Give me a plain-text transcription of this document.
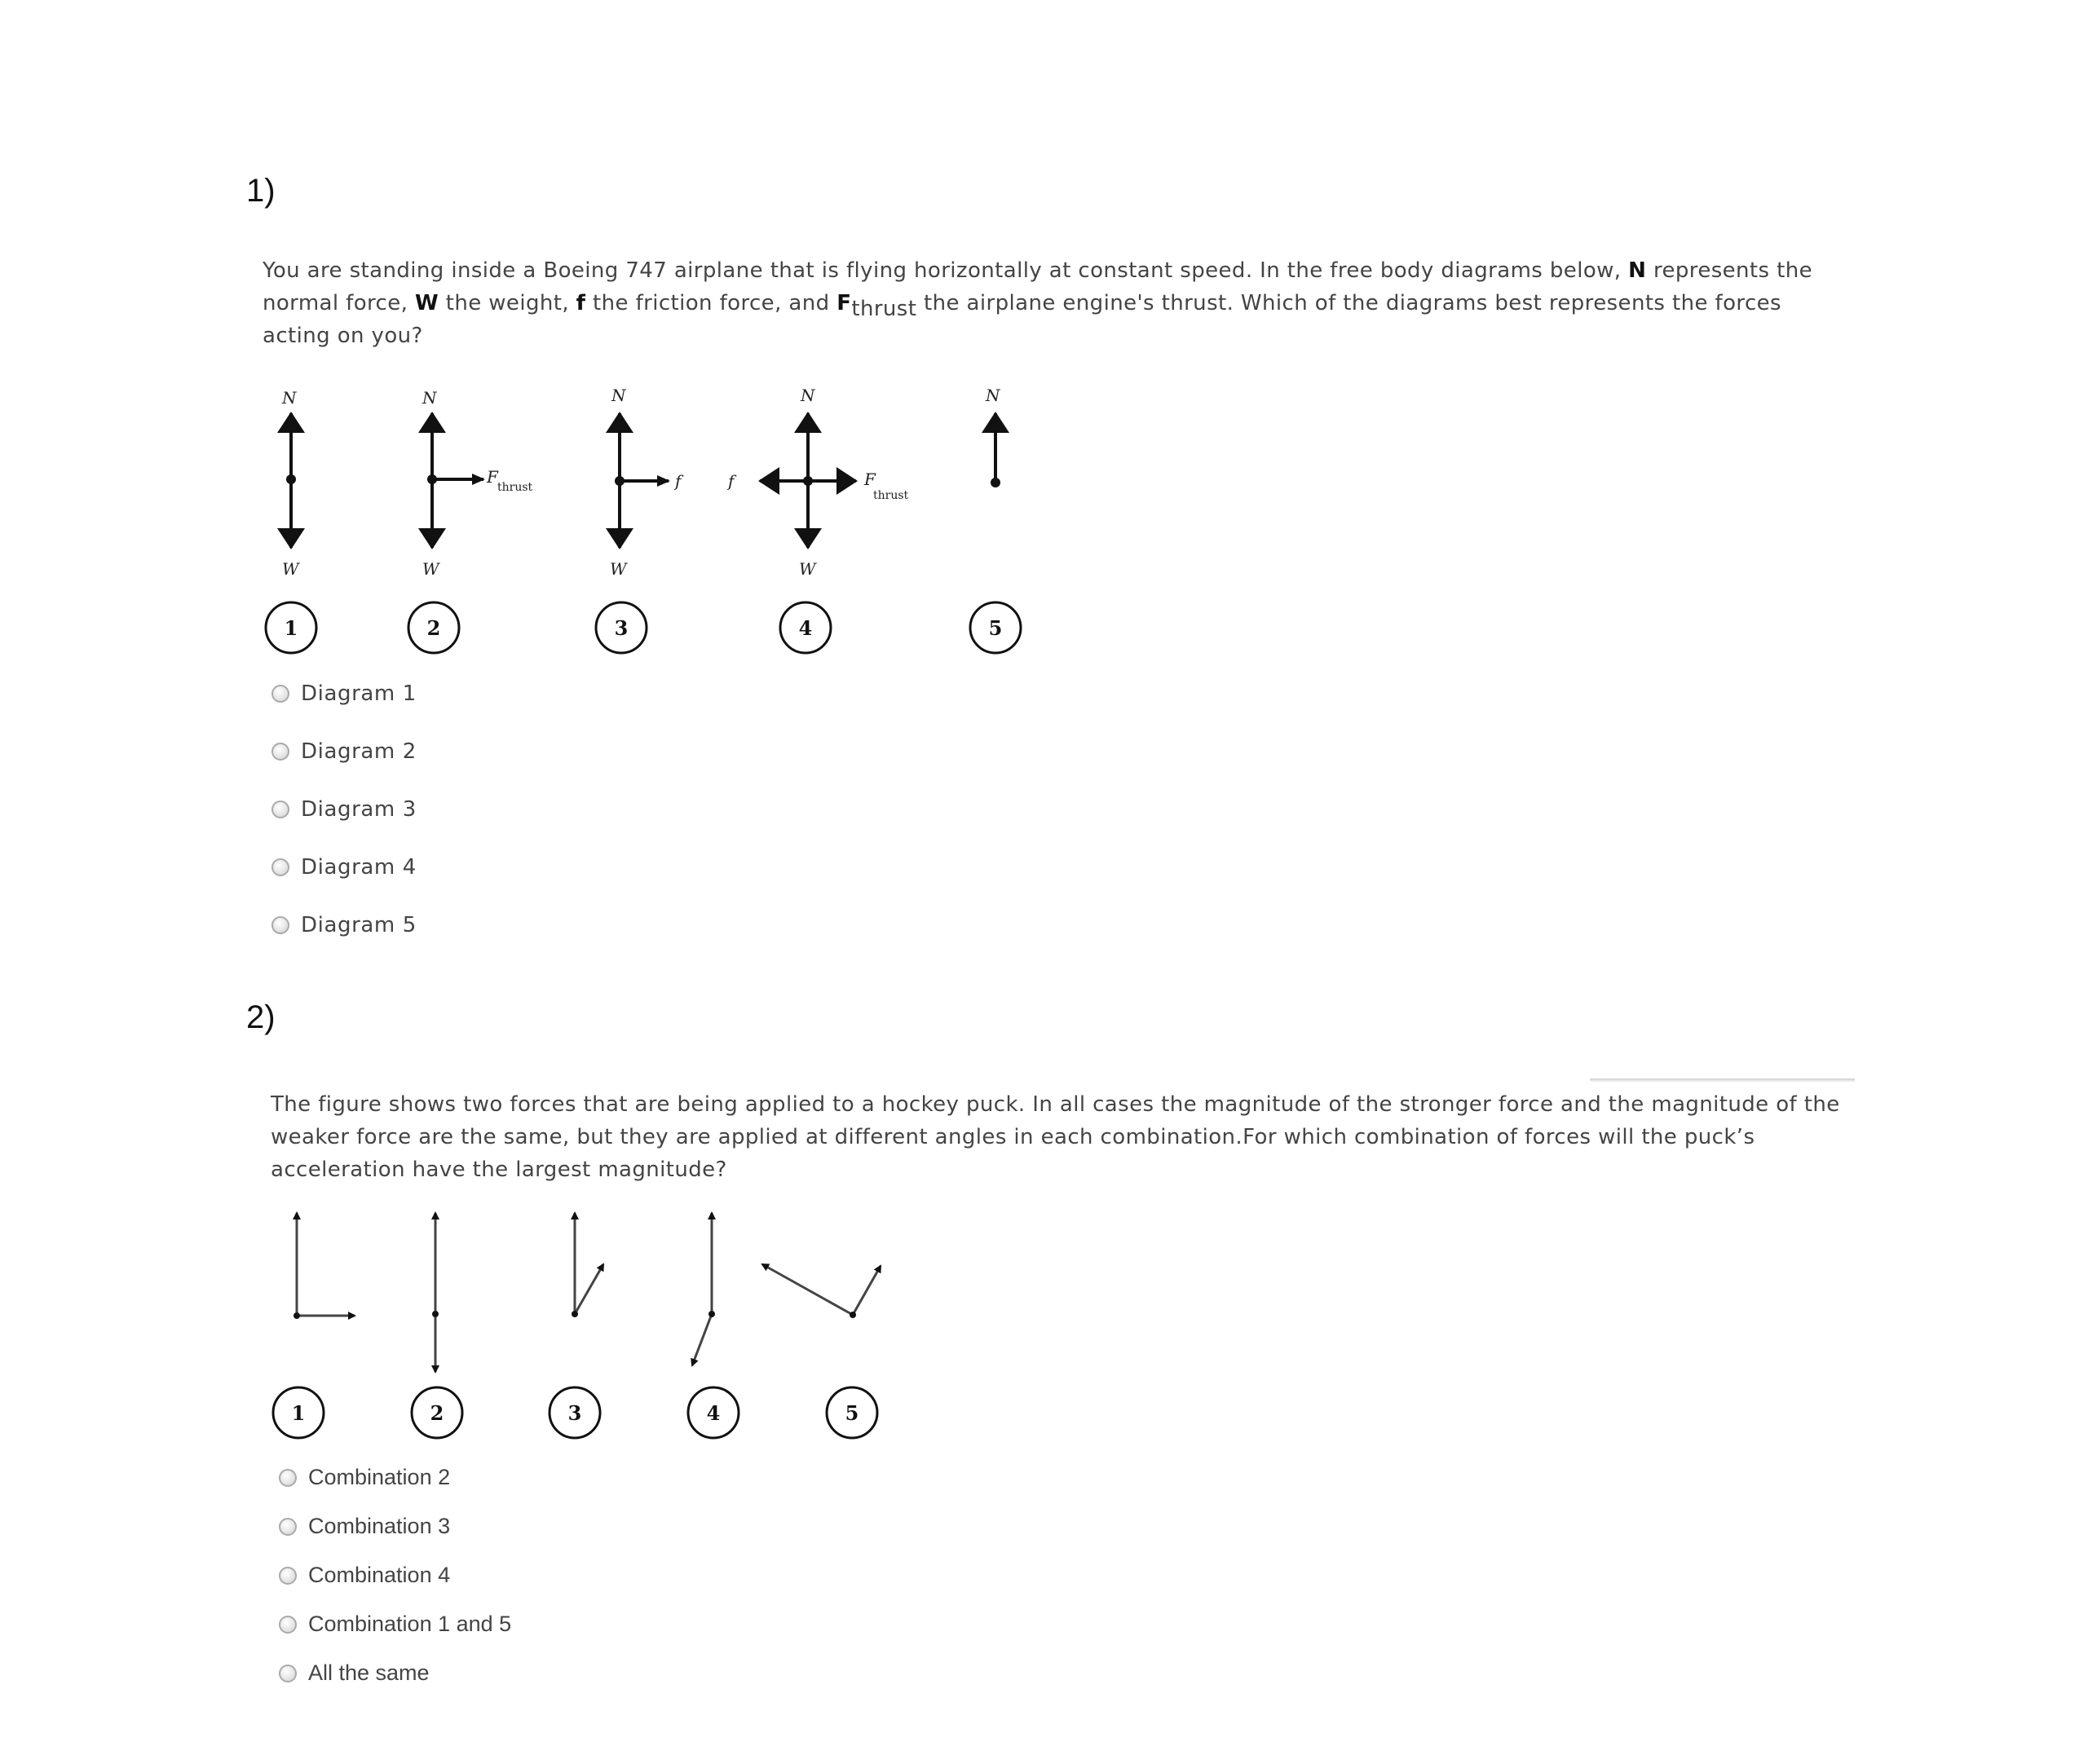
1)
You are standing inside a Boeing 747 airplane that is flying horizontally at constant speed. In the free body diagrams below, N represents the normal force, W the weight, f the friction force, and Fthrust the airplane engine's thrust. Which of the diagrams best represents the forces acting on you?
N
W
1
N
F
thrust
W
2
N
f
W
3
N
f	F
thrust
W
4
N
5
1	2	3	4	5
Diagram 1
Diagram 2
Diagram 3
Diagram 4
Diagram 5
2)
The figure shows two forces that are being applied to a hockey puck. In all cases the magnitude of the stronger force and the magnitude of the weaker force are the same, but they are applied at different angles in each combination.For which combination of forces will the puck’s acceleration have the largest magnitude?
Combination 2
Combination 3
Combination 4
Combination 1 and 5
All the same
